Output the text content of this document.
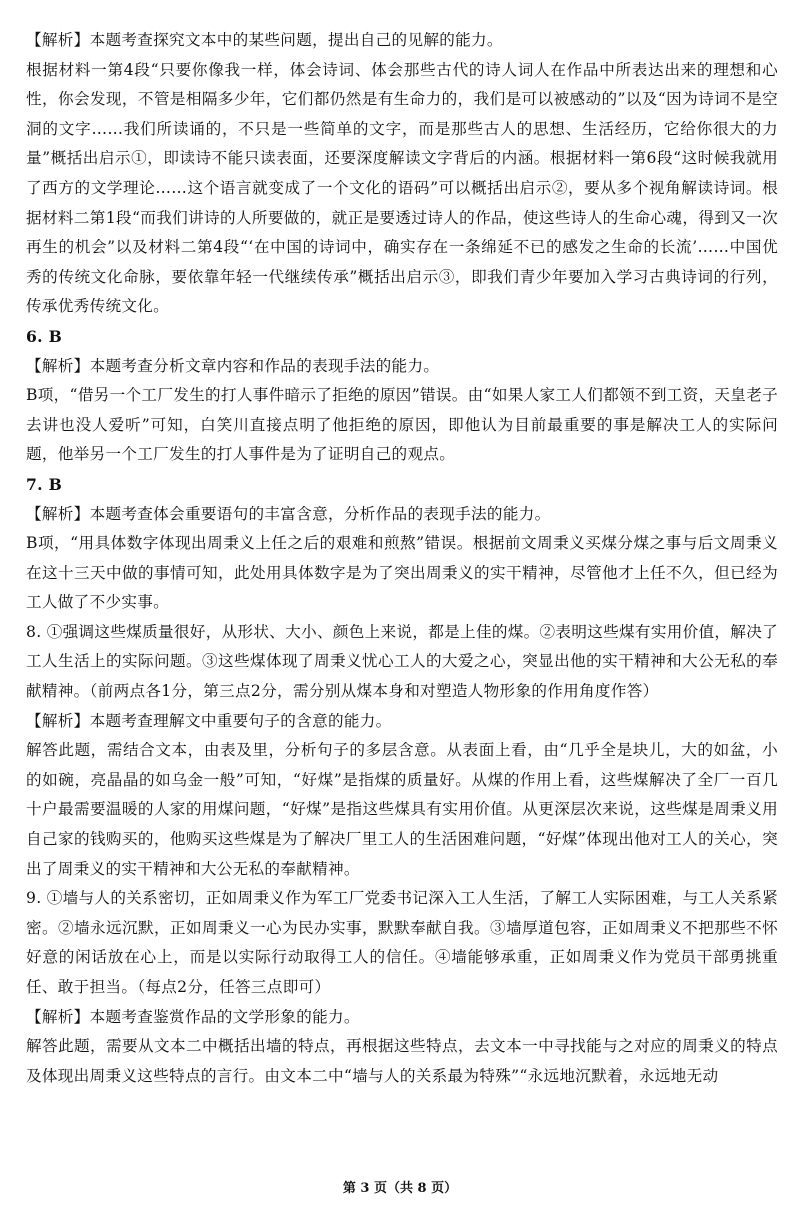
【解析】本题考查探究文本中的某些问题，提出自己的见解的能力。

根据材料一第4段“只要你像我一样，体会诗词、体会那些古代的诗人词人在作品中所表达出来的理想和心性，你会发现，不管是相隔多少年，它们都仍然是有生命力的，我们是可以被感动的”以及“因为诗词不是空洞的文字……我们所读诵的，不只是一些简单的文字，而是那些古人的思想、生活经历，它给你很大的力量”概括出启示①，即读诗不能只读表面，还要深度解读文字背后的内涵。根据材料一第6段“这时候我就用了西方的文学理论……这个语言就变成了一个文化的语码”可以概括出启示②，要从多个视角解读诗词。根据材料二第1段“而我们讲诗的人所要做的，就正是要透过诗人的作品，使这些诗人的生命心魂，得到又一次再生的机会”以及材料二第4段“‘在中国的诗词中，确实存在一条绵延不已的感发之生命的长流’……中国优秀的传统文化命脉，要依靠年轻一代继续传承”概括出启示③，即我们青少年要加入学习古典诗词的行列，传承优秀传统文化。

6. B

【解析】本题考查分析文章内容和作品的表现手法的能力。

B项，“借另一个工厂发生的打人事件暗示了拒绝的原因”错误。由“如果人家工人们都领不到工资，天皇老子去讲也没人爱听”可知，白笑川直接点明了他拒绝的原因，即他认为目前最重要的事是解决工人的实际问题，他举另一个工厂发生的打人事件是为了证明自己的观点。

7. B

【解析】本题考查体会重要语句的丰富含意，分析作品的表现手法的能力。

B项，“用具体数字体现出周秉义上任之后的艰难和煎熬”错误。根据前文周秉义买煤分煤之事与后文周秉义在这十三天中做的事情可知，此处用具体数字是为了突出周秉义的实干精神，尽管他才上任不久，但已经为工人做了不少实事。

8. ①强调这些煤质量很好，从形状、大小、颜色上来说，都是上佳的煤。②表明这些煤有实用价值，解决了工人生活上的实际问题。③这些煤体现了周秉义忧心工人的大爱之心，突显出他的实干精神和大公无私的奉献精神。（前两点各1分，第三点2分，需分别从煤本身和对塑造人物形象的作用角度作答）

【解析】本题考查理解文中重要句子的含意的能力。

解答此题，需结合文本，由表及里，分析句子的多层含意。从表面上看，由“几乎全是块儿，大的如盆，小的如碗，亮晶晶的如乌金一般”可知，“好煤”是指煤的质量好。从煤的作用上看，这些煤解决了全厂一百几十户最需要温暖的人家的用煤问题，“好煤”是指这些煤具有实用价值。从更深层次来说，这些煤是周秉义用自己家的钱购买的，他购买这些煤是为了解决厂里工人的生活困难问题，“好煤”体现出他对工人的关心，突出了周秉义的实干精神和大公无私的奉献精神。

9. ①墙与人的关系密切，正如周秉义作为军工厂党委书记深入工人生活，了解工人实际困难，与工人关系紧密。②墙永远沉默，正如周秉义一心为民办实事，默默奉献自我。③墙厚道包容，正如周秉义不把那些不怀好意的闲话放在心上，而是以实际行动取得工人的信任。④墙能够承重，正如周秉义作为党员干部勇挑重任、敢于担当。（每点2分，任答三点即可）

【解析】本题考查鉴赏作品的文学形象的能力。

解答此题，需要从文本二中概括出墙的特点，再根据这些特点，去文本一中寻找能与之对应的周秉义的特点及体现出周秉义这些特点的言行。由文本二中“墙与人的关系最为特殊”“永远地沉默着，永远地无动

第 3 页（共 8 页）
